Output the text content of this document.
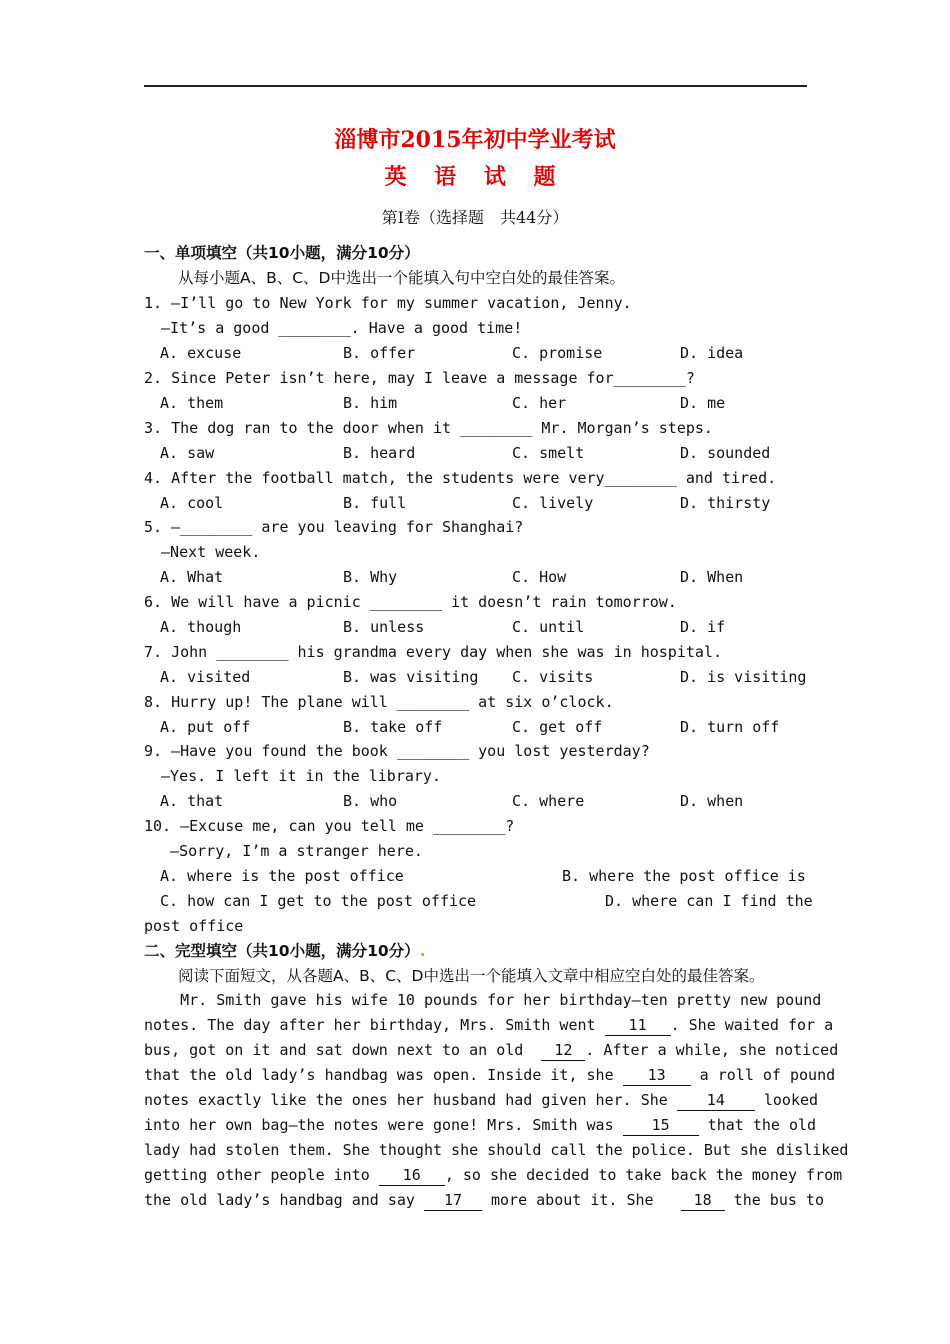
淄博市2015年初中学业考试
英 语 试 题
第Ⅰ卷（选择题　共44分）
一、单项填空（共10小题，满分10分）
从每小题A、B、C、D中选出一个能填入句中空白处的最佳答案。
1. —I’ll go to New York for my summer vacation, Jenny.
—It’s a good ________. Have a good time!
A. excuse	B. offer	C. promise	D. idea
2. Since Peter isn’t here, may I leave a message for________?
A. them	B. him	C. her	D. me
3. The dog ran to the door when it ________ Mr. Morgan’s steps.
A. saw	B. heard	C. smelt	D. sounded
4. After the football match, the students were very________ and tired.
A. cool	B. full	C. lively	D. thirsty
5. —________ are you leaving for Shanghai?
—Next week.
A. What	B. Why	C. How	D. When
6. We will have a picnic ________ it doesn’t rain tomorrow.
A. though	B. unless	C. until	D. if
7. John ________ his grandma every day when she was in hospital.
A. visited	B. was visiting C. visits	D. is visiting
8. Hurry up! The plane will ________ at six o’clock.
A. put off	B. take off	C. get off	D. turn off
9. —Have you found the book ________ you lost yesterday?
—Yes. I left it in the library.
A. that	B. who	C. where	D. when
10. —Excuse me, can you tell me ________?
—Sorry, I’m a stranger here.
A. where is the post office	B. where the post office is
C. how can I get to the post office	D. where can I find the
post office
二、完型填空（共10小题，满分10分）.
阅读下面短文，从各题A、B、C、D中选出一个能填入文章中相应空白处的最佳答案。
Mr. Smith gave his wife 10 pounds for her birthday—ten pretty new pound
notes. The day after her birthday, Mrs. Smith went 11 . She waited for a
bus, got on it and sat down next to an old  12 . After a while, she noticed
that the old lady’s handbag was open. Inside it, she 13 a roll of pound
notes exactly like the ones her husband had given her. She 14 looked
into her own bag—the notes were gone! Mrs. Smith was 15 that the old
lady had stolen them. She thought she should call the police. But she disliked
getting other people into 16 , so she decided to take back the money from
the old lady’s handbag and say 17 more about it. She   18 the bus to
